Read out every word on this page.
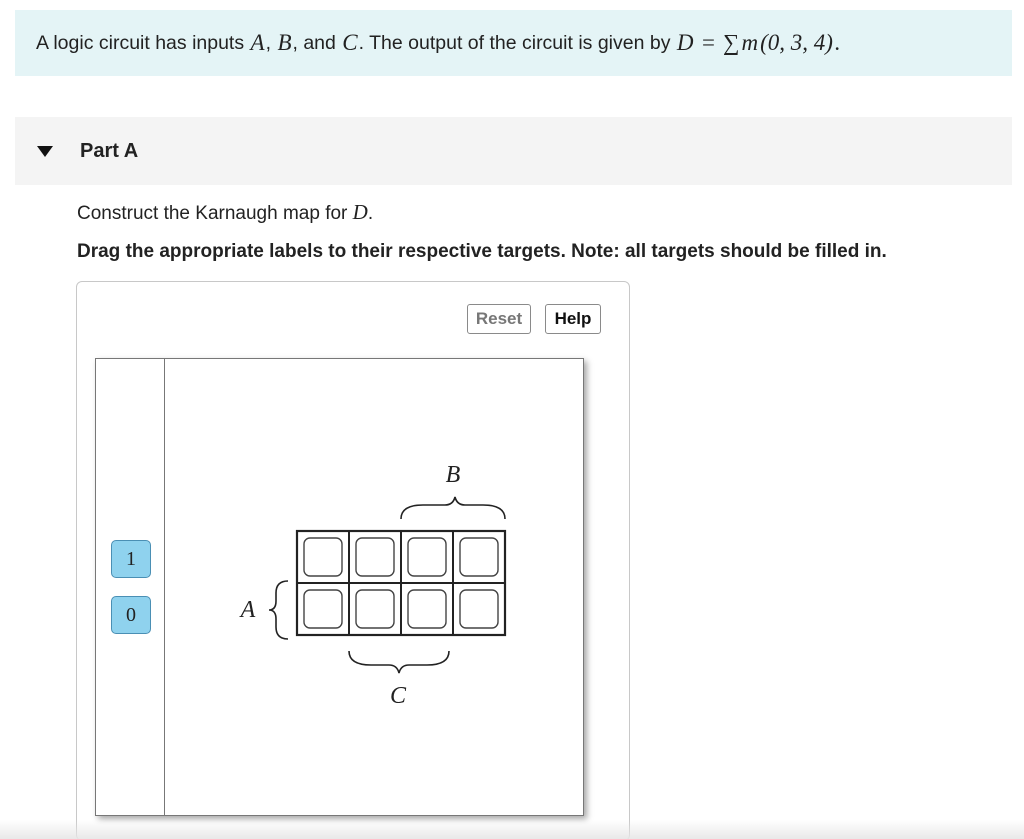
A logic circuit has inputs
A ,
B , and
C . The output of the circuit is given by
D = ∑ m (0, 3, 4) .
Part A
Construct the Karnaugh map for D.
Drag the appropriate labels to their respective targets. Note: all targets should be filled in.
Reset	Help
1
0
B
A
C
